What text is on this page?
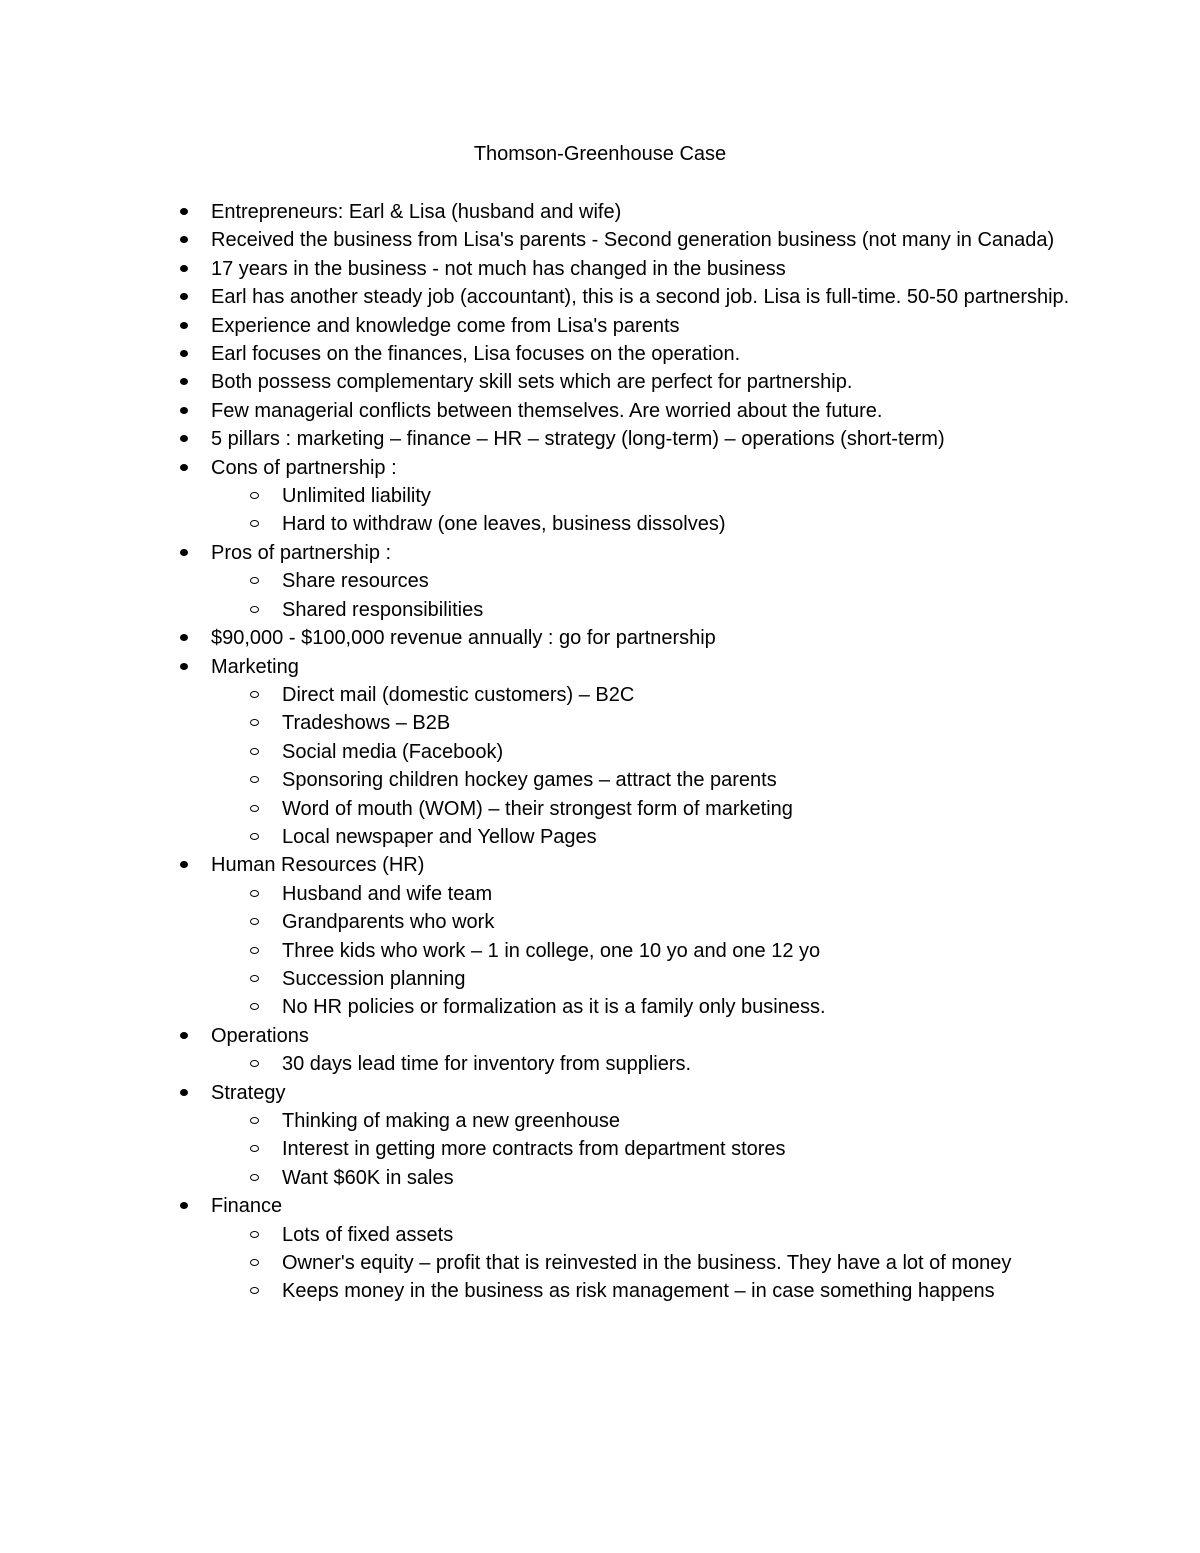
Thomson-Greenhouse Case
Entrepreneurs: Earl & Lisa (husband and wife)
Received the business from Lisa's parents - Second generation business (not many in Canada)
17 years in the business - not much has changed in the business
Earl has another steady job (accountant), this is a second job. Lisa is full-time. 50-50 partnership.
Experience and knowledge come from Lisa's parents
Earl focuses on the finances, Lisa focuses on the operation.
Both possess complementary skill sets which are perfect for partnership.
Few managerial conflicts between themselves. Are worried about the future.
5 pillars : marketing – finance – HR – strategy (long-term) – operations (short-term)
Cons of partnership :
Unlimited liability
Hard to withdraw (one leaves, business dissolves)
Pros of partnership :
Share resources
Shared responsibilities
$90,000 - $100,000 revenue annually : go for partnership
Marketing
Direct mail (domestic customers) – B2C
Tradeshows – B2B
Social media (Facebook)
Sponsoring children hockey games – attract the parents
Word of mouth (WOM) – their strongest form of marketing
Local newspaper and Yellow Pages
Human Resources (HR)
Husband and wife team
Grandparents who work
Three kids who work – 1 in college, one 10 yo and one 12 yo
Succession planning
No HR policies or formalization as it is a family only business.
Operations
30 days lead time for inventory from suppliers.
Strategy
Thinking of making a new greenhouse
Interest in getting more contracts from department stores
Want $60K in sales
Finance
Lots of fixed assets
Owner's equity – profit that is reinvested in the business. They have a lot of money
Keeps money in the business as risk management – in case something happens
